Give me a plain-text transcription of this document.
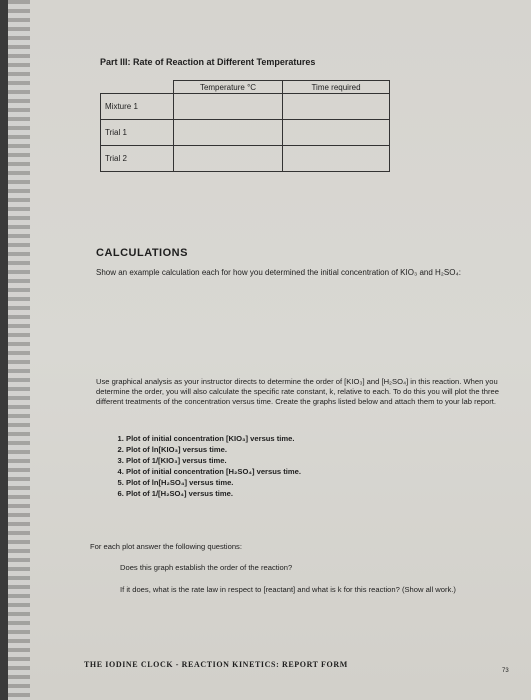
Part III: Rate of Reaction at Different Temperatures
	Temperature °C	Time required
Mixture 1		
Trial 1		
Trial 2		
CALCULATIONS
Show an example calculation each for how you determined the initial concentration of KIO₃ and H₂SO₄:
Use graphical analysis as your instructor directs to determine the order of [KIO₃] and [H₂SO₄] in this reaction. When you determine the order, you will also calculate the specific rate constant, k, relative to each. To do this you will plot the three different treatments of the concentration versus time. Create the graphs listed below and attach them to your lab report.
1. Plot of initial concentration [KIO₃] versus time.
2. Plot of ln[KIO₃] versus time.
3. Plot of 1/[KIO₃] versus time.
4. Plot of initial concentration [H₂SO₄] versus time.
5. Plot of ln[H₂SO₄] versus time.
6. Plot of 1/[H₂SO₄] versus time.
For each plot answer the following questions:
Does this graph establish the order of the reaction?
If it does, what is the rate law in respect to [reactant] and what is k for this reaction? (Show all work.)
THE IODINE CLOCK - REACTION KINETICS: REPORT FORM
73
